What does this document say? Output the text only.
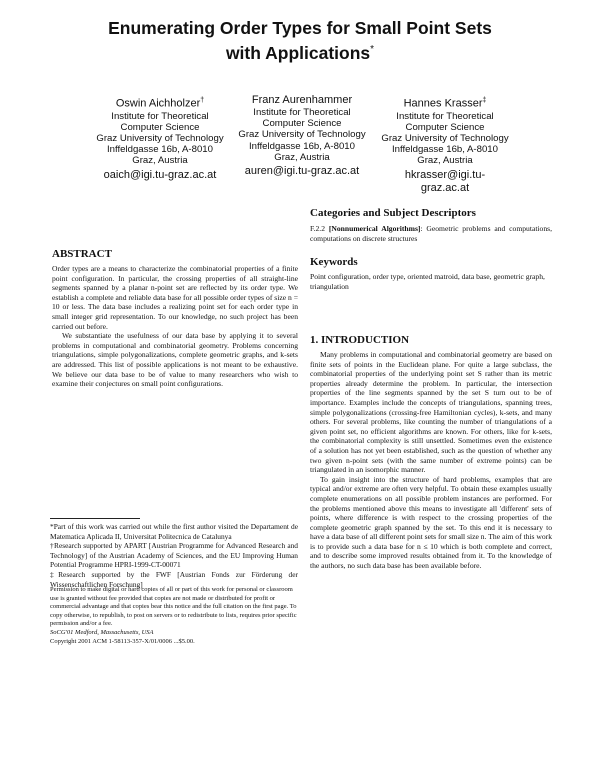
Enumerating Order Types for Small Point Sets
with Applications*
Oswin Aichholzer†
Institute for Theoretical
Computer Science
Graz University of Technology
Inffeldgasse 16b, A-8010
Graz, Austria
oaich@igi.tu-graz.ac.at
Franz Aurenhammer
Institute for Theoretical
Computer Science
Graz University of Technology
Inffeldgasse 16b, A-8010
Graz, Austria
auren@igi.tu-graz.ac.at
Hannes Krasser‡
Institute for Theoretical
Computer Science
Graz University of Technology
Inffeldgasse 16b, A-8010
Graz, Austria
hkrasser@igi.tu-
graz.ac.at
ABSTRACT

Order types are a means to characterize the combinatorial properties of a finite point configuration. In particular, the crossing properties of all straight-line segments spanned by a planar n-point set are reflected by its order type. We establish a complete and reliable data base for all possible order types of size n = 10 or less. The data base includes a realizing point set for each order type in small integer grid representation. To our knowledge, no such project has been carried out before.

We substantiate the usefulness of our data base by applying it to several problems in computational and combinatorial geometry. Problems concerning triangulations, simple polygonalizations, complete geometric graphs, and k-sets are addressed. This list of possible applications is not meant to be exhaustive. We believe our data base to be of value to many researchers who wish to examine their conjectures on small point configurations.

*Part of this work was carried out while the first author visited the Departament de Matematica Aplicada II, Universitat Politecnica de Catalunya

†Research supported by APART [Austrian Programme for Advanced Research and Technology] of the Austrian Academy of Sciences, and the EU Improving Human Potential Programme HPRI-1999-CT-00071

‡Research supported by the FWF [Austrian Fonds zur Förderung der Wissenschaftlichen Forschung]

Permission to make digital or hard copies of all or part of this work for personal or classroom use is granted without fee provided that copies are not made or distributed for profit or commercial advantage and that copies bear this notice and the full citation on the first page. To copy otherwise, to republish, to post on servers or to redistribute to lists, requires prior specific permission and/or a fee.

SoCG'01 Medford, Massachusetts, USA

Copyright 2001 ACM 1-58113-357-X/01/0006 ...$5.00.

Categories and Subject Descriptors
F.2.2 [Nonnumerical Algorithms]: Geometric problems and computations, computations on discrete structures
Keywords
Point configuration, order type, oriented matroid, data base, geometric graph, triangulation
1. INTRODUCTION

Many problems in computational and combinatorial geometry are based on finite sets of points in the Euclidean plane. For quite a large subclass, the combinatorial properties of the underlying point set S rather than its metric properties already determine the problem. In particular, the intersection properties of the line segments spanned by the set S turn out to be of importance. Examples include the concepts of triangulations, spanning trees, simple polygonalizations (crossing-free Hamiltonian cycles), k-sets, and many others. For several problems, like counting the number of triangulations of a given point set, no efficient algorithms are known. For others, like for k-sets, the combinatorial complexity is still unsettled. Sometimes even the existence of a solution has not yet been established, such as the question of whether any two given n-point sets (with the same number of extreme points) can be triangulated in an isomorphic manner.

To gain insight into the structure of hard problems, examples that are typical and/or extreme are often very helpful. To obtain these examples usually complete enumerations on all possible problem instances are performed. For the problems mentioned above this means to investigate all 'different' sets of points, where difference is with respect to the crossing properties of the complete geometric graph spanned by the set. To this end it is necessary to have a data base of all different point sets for small size n. The aim of this work is to provide such a data base for n ≤ 10 which is both complete and correct, and to describe some improved results obtained from it. To the knowledge of the authors, no such data base has been available before.
